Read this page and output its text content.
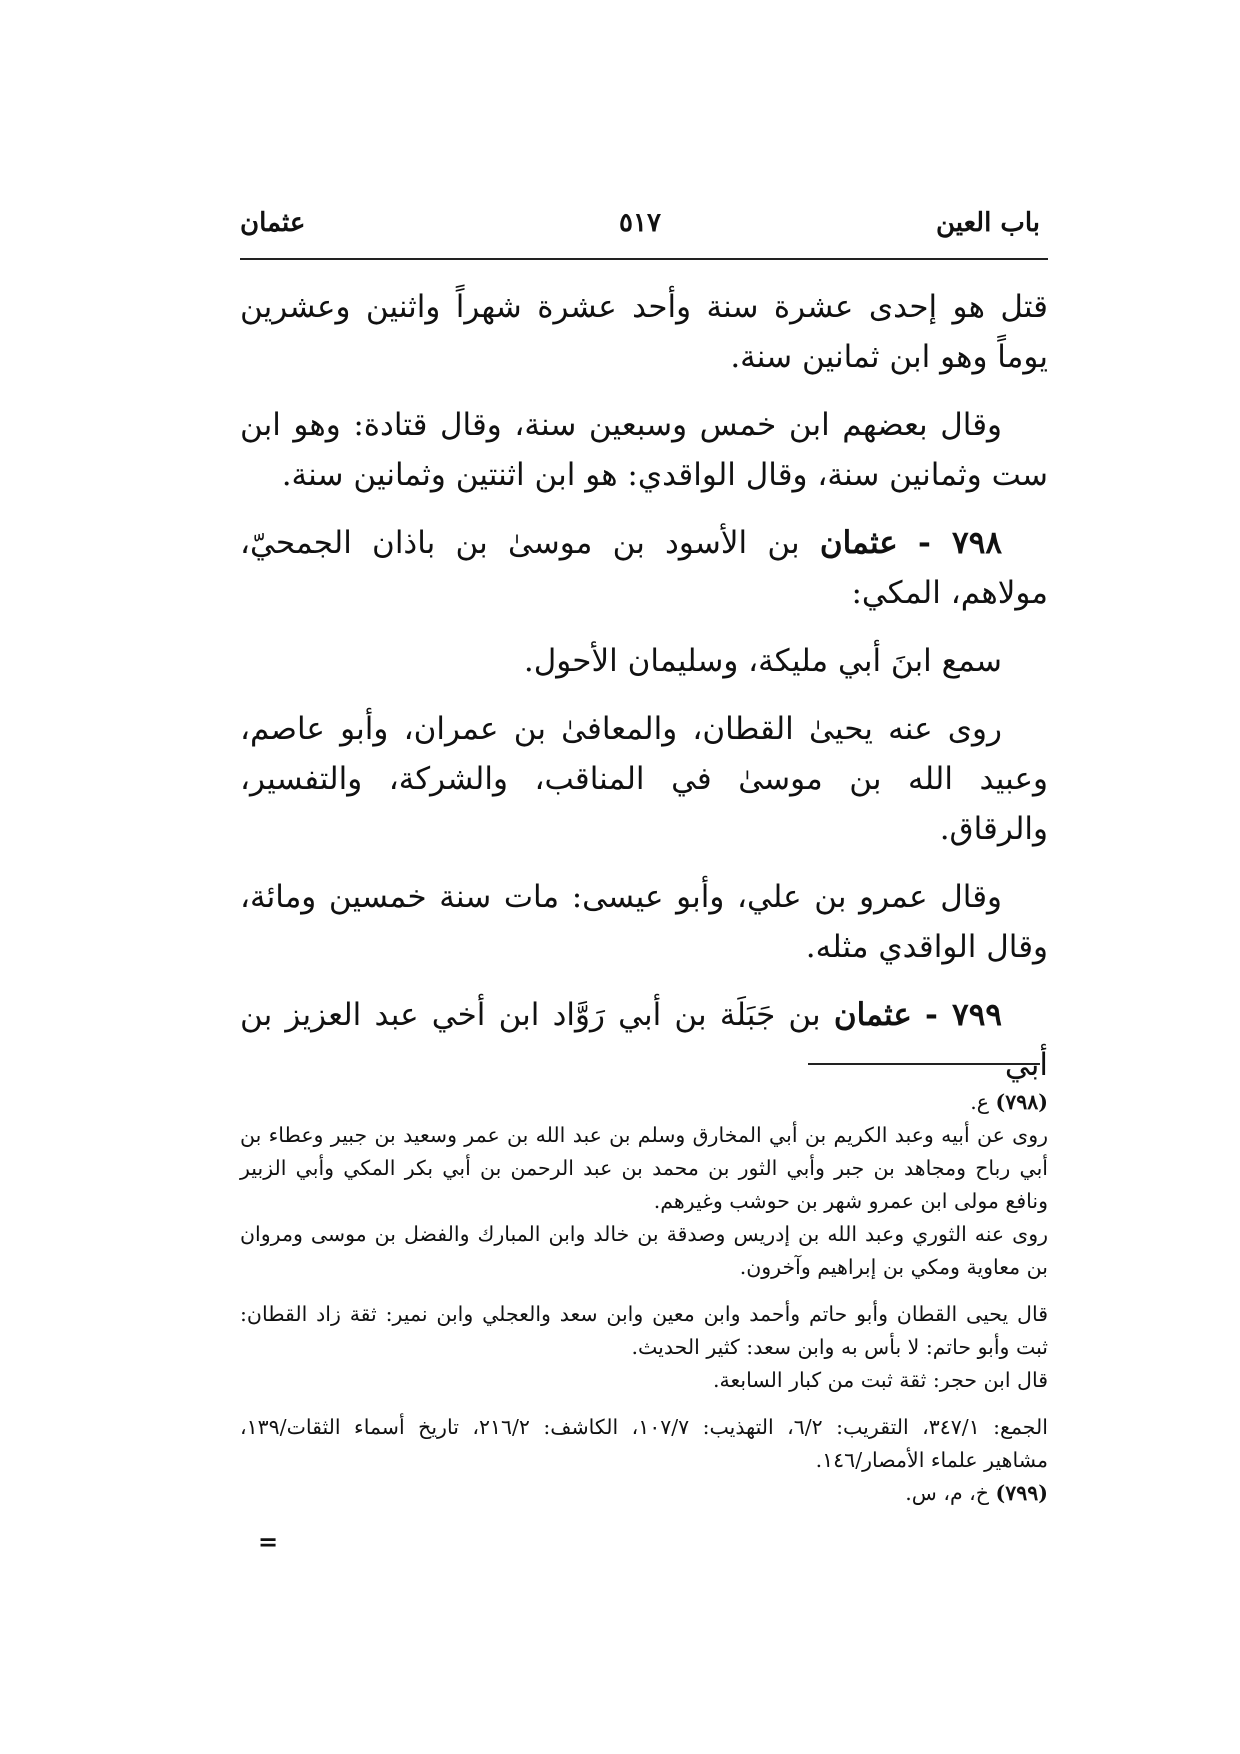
باب العين
٥١٧
عثمان

قتل هو إحدى عشرة سنة وأحد عشرة شهراً واثنين وعشرين يوماً وهو ابن ثمانين سنة.

وقال بعضهم ابن خمس وسبعين سنة، وقال قتادة: وهو ابن ست وثمانين سنة، وقال الواقدي: هو ابن اثنتين وثمانين سنة.

٧٩٨ - عثمان بن الأسود بن موسىٰ بن باذان الجمحيّ، مولاهم، المكي:

سمع ابنَ أبي مليكة، وسليمان الأحول.

روى عنه يحيىٰ القطان، والمعافىٰ بن عمران، وأبو عاصم، وعبيد الله بن موسىٰ في المناقب، والشركة، والتفسير، والرقاق.

وقال عمرو بن علي، وأبو عيسى: مات سنة خمسين ومائة، وقال الواقدي مثله.

٧٩٩ - عثمان بن جَبَلَة بن أبي رَوَّاد ابن أخي عبد العزيز بن أبي

(٧٩٨) ع.

روى عن أبيه وعبد الكريم بن أبي المخارق وسلم بن عبد الله بن عمر وسعيد بن جبير وعطاء بن أبي رباح ومجاهد بن جبر وأبي الثور بن محمد بن عبد الرحمن بن أبي بكر المكي وأبي الزبير ونافع مولى ابن عمرو شهر بن حوشب وغيرهم.

روى عنه الثوري وعبد الله بن إدريس وصدقة بن خالد وابن المبارك والفضل بن موسى ومروان بن معاوية ومكي بن إبراهيم وآخرون.

قال يحيى القطان وأبو حاتم وأحمد وابن معين وابن سعد والعجلي وابن نمير: ثقة زاد القطان: ثبت وأبو حاتم: لا بأس به وابن سعد: كثير الحديث.

قال ابن حجر: ثقة ثبت من كبار السابعة.

الجمع: ٣٤٧/١، التقريب: ٦/٢، التهذيب: ١٠٧/٧، الكاشف: ٢١٦/٢، تاريخ أسماء الثقات/١٣٩، مشاهير علماء الأمصار/١٤٦.

(٧٩٩) خ، م، س.

=
